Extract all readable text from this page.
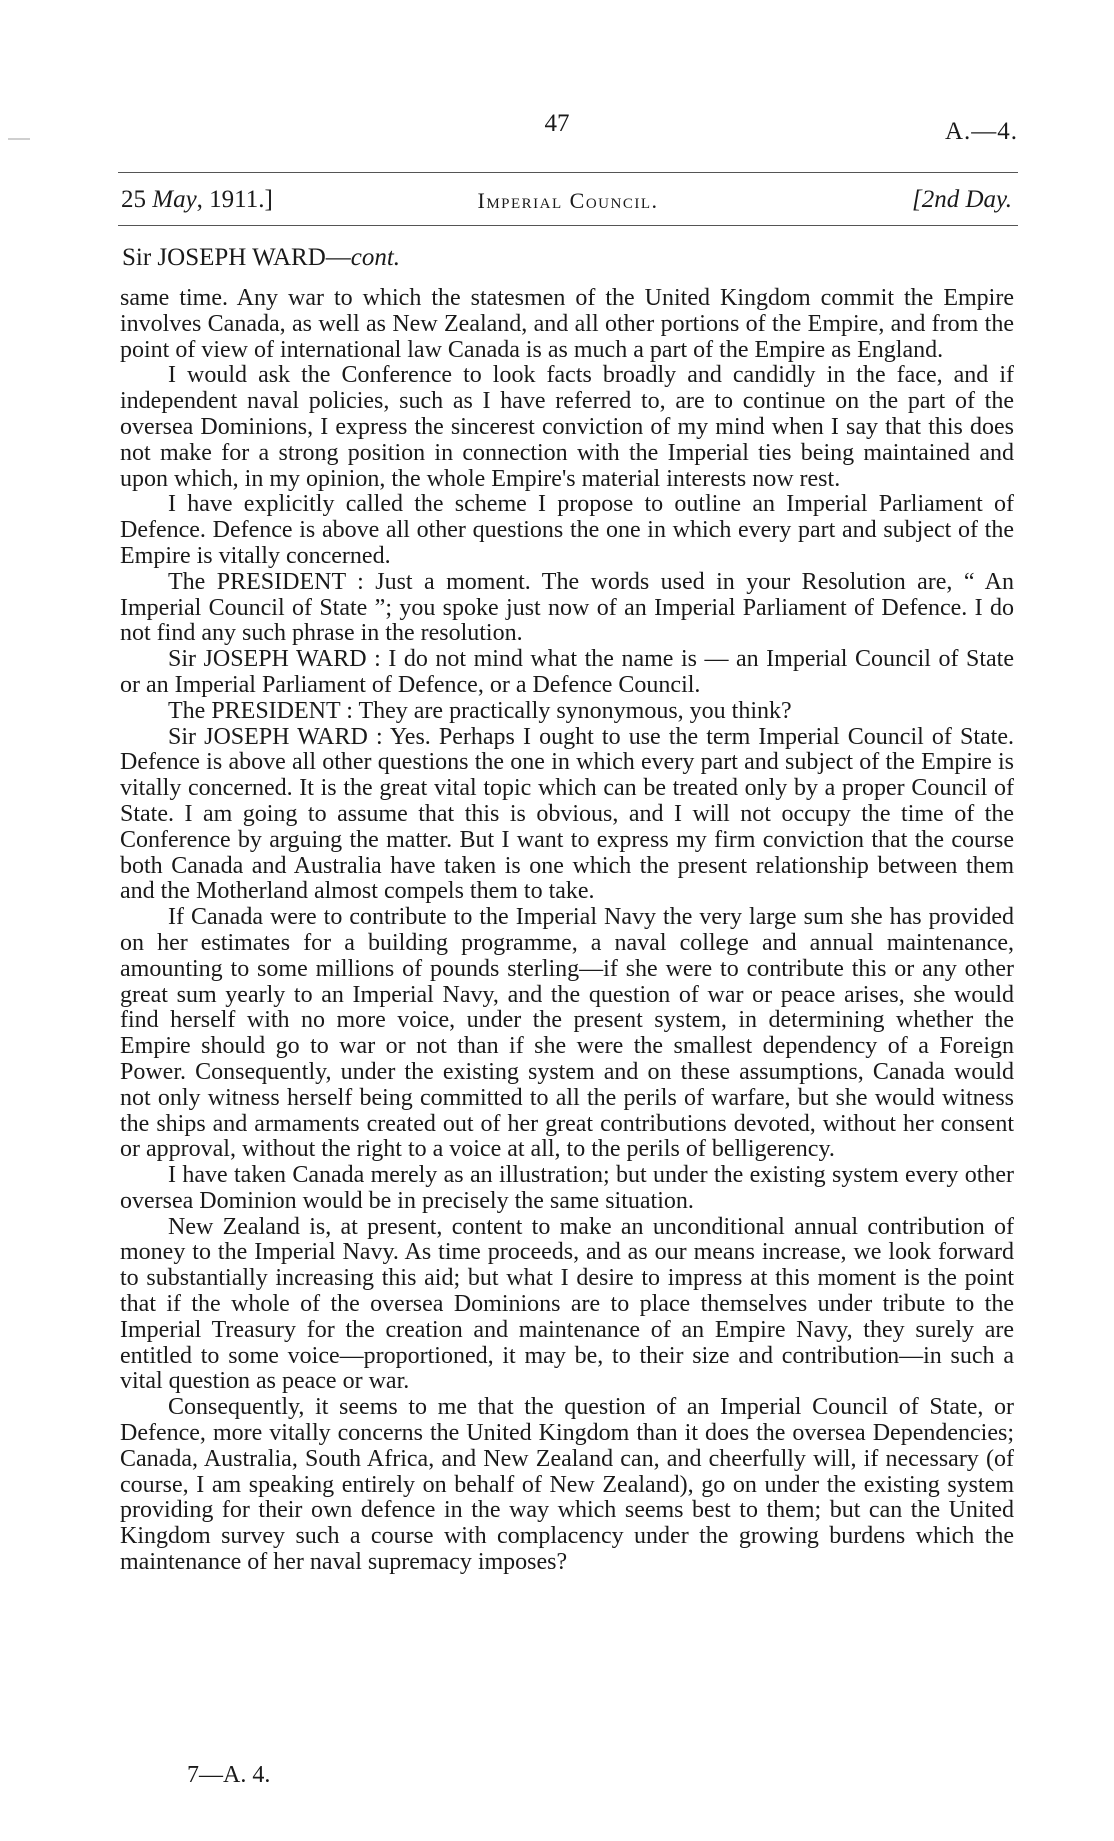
47	A.—4.
25 May, 1911.]	Imperial Council.	[2nd Day.
Sir JOSEPH WARD—cont.

same time. Any war to which the statesmen of the United Kingdom commit the Empire involves Canada, as well as New Zealand, and all other portions of the Empire, and from the point of view of international law Canada is as much a part of the Empire as England.

I would ask the Conference to look facts broadly and candidly in the face, and if independent naval policies, such as I have referred to, are to continue on the part of the oversea Dominions, I express the sincerest conviction of my mind when I say that this does not make for a strong position in connection with the Imperial ties being maintained and upon which, in my opinion, the whole Empire's material interests now rest.

I have explicitly called the scheme I propose to outline an Imperial Parliament of Defence. Defence is above all other questions the one in which every part and subject of the Empire is vitally concerned.

The PRESIDENT : Just a moment. The words used in your Resolution are, “ An Imperial Council of State ”; you spoke just now of an Imperial Parliament of Defence. I do not find any such phrase in the resolution.

Sir JOSEPH WARD : I do not mind what the name is — an Imperial Council of State or an Imperial Parliament of Defence, or a Defence Council.

The PRESIDENT : They are practically synonymous, you think?

Sir JOSEPH WARD : Yes. Perhaps I ought to use the term Imperial Council of State. Defence is above all other questions the one in which every part and subject of the Empire is vitally concerned. It is the great vital topic which can be treated only by a proper Council of State. I am going to assume that this is obvious, and I will not occupy the time of the Conference by arguing the matter. But I want to express my firm conviction that the course both Canada and Australia have taken is one which the present relationship between them and the Motherland almost compels them to take.

If Canada were to contribute to the Imperial Navy the very large sum she has provided on her estimates for a building programme, a naval college and annual maintenance, amounting to some millions of pounds sterling—if she were to contribute this or any other great sum yearly to an Imperial Navy, and the question of war or peace arises, she would find herself with no more voice, under the present system, in determining whether the Empire should go to war or not than if she were the smallest dependency of a Foreign Power. Consequently, under the existing system and on these assumptions, Canada would not only witness herself being committed to all the perils of warfare, but she would witness the ships and armaments created out of her great contributions devoted, without her consent or approval, without the right to a voice at all, to the perils of belligerency.

I have taken Canada merely as an illustration; but under the existing system every other oversea Dominion would be in precisely the same situation.

New Zealand is, at present, content to make an unconditional annual contribution of money to the Imperial Navy. As time proceeds, and as our means increase, we look forward to substantially increasing this aid; but what I desire to impress at this moment is the point that if the whole of the oversea Dominions are to place themselves under tribute to the Imperial Treasury for the creation and maintenance of an Empire Navy, they surely are entitled to some voice—proportioned, it may be, to their size and contribution—in such a vital question as peace or war.

Consequently, it seems to me that the question of an Imperial Council of State, or Defence, more vitally concerns the United Kingdom than it does the oversea Dependencies; Canada, Australia, South Africa, and New Zealand can, and cheerfully will, if necessary (of course, I am speaking entirely on behalf of New Zealand), go on under the existing system providing for their own defence in the way which seems best to them; but can the United Kingdom survey such a course with complacency under the growing burdens which the maintenance of her naval supremacy imposes?

7—A. 4.
